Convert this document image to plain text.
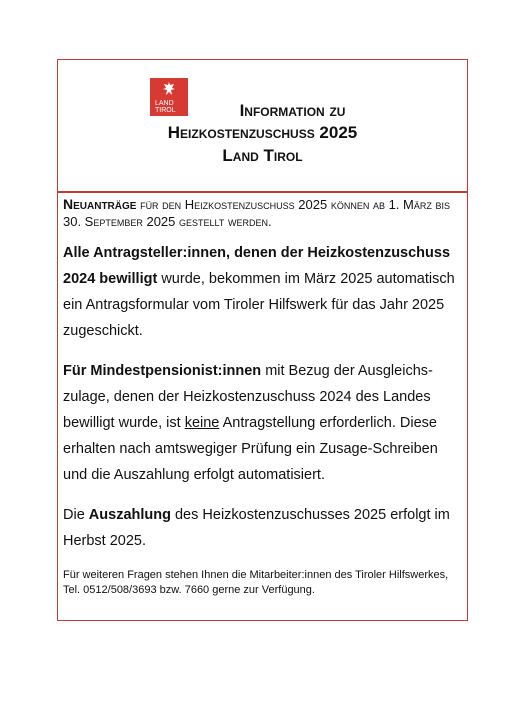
LAND
TIROL	Information zu
Heizkostenzuschuss 2025
Land Tirol
Neuanträge für den Heizkostenzuschuss 2025 können ab 1. März bis 30. September 2025 gestellt werden.
Alle Antragsteller:innen, denen der Heizkostenzuschuss 2024 bewilligt wurde, bekommen im März 2025 automatisch ein Antragsformular vom Tiroler Hilfswerk für das Jahr 2025 zugeschickt.
Für Mindestpensionist:innen mit Bezug der Ausgleichs-zulage, denen der Heizkostenzuschuss 2024 des Landes bewilligt wurde, ist keine Antragstellung erforderlich. Diese erhalten nach amtswegiger Prüfung ein Zusage-Schreiben und die Auszahlung erfolgt automatisiert.
Die Auszahlung des Heizkostenzuschusses 2025 erfolgt im Herbst 2025.
Für weiteren Fragen stehen Ihnen die Mitarbeiter:innen des Tiroler Hilfswerkes, Tel. 0512/508/3693 bzw. 7660 gerne zur Verfügung.
